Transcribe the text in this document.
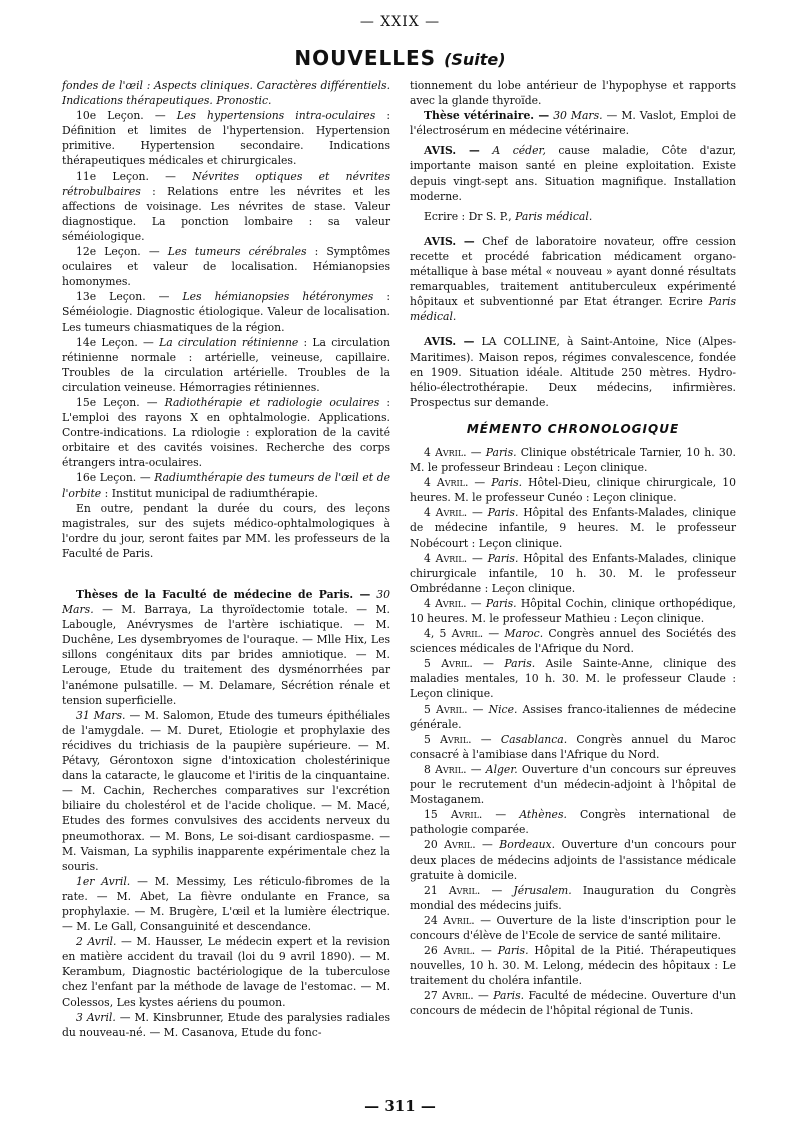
— XXIX —
NOUVELLES (Suite)

fondes de l'œil : Aspects cliniques. Caractères différentiels. Indications thérapeutiques. Pronostic.

10e Leçon. — Les hypertensions intra-oculaires : Définition et limites de l'hypertension. Hypertension primitive. Hypertension secondaire. Indications thérapeutiques médicales et chirurgicales.

11e Leçon. — Névrites optiques et névrites rétrobulbaires : Relations entre les névrites et les affections de voisinage. Les névrites de stase. Valeur diagnostique. La ponction lombaire : sa valeur séméiologique.

12e Leçon. — Les tumeurs cérébrales : Symptômes oculaires et valeur de localisation. Hémianopsies homonymes.

13e Leçon. — Les hémianopsies hétéronymes : Séméiologie. Diagnostic étiologique. Valeur de localisation. Les tumeurs chiasmatiques de la région.

14e Leçon. — La circulation rétinienne : La circulation rétinienne normale : artérielle, veineuse, capillaire. Troubles de la circulation artérielle. Troubles de la circulation veineuse. Hémorragies rétiniennes.

15e Leçon. — Radiothérapie et radiologie oculaires : L'emploi des rayons X en ophtalmologie. Applications. Contre-indications. La rdiologie : exploration de la cavité orbitaire et des cavités voisines. Recherche des corps étrangers intra-oculaires.

16e Leçon. — Radiumthérapie des tumeurs de l'œil et de l'orbite : Institut municipal de radiumthérapie.

En outre, pendant la durée du cours, des leçons magistrales, sur des sujets médico-ophtalmologiques à l'ordre du jour, seront faites par MM. les professeurs de la Faculté de Paris.

Thèses de la Faculté de médecine de Paris. — 30 Mars. — M. Barraya, La thyroïdectomie totale. — M. Labougle, Anévrysmes de l'artère ischiatique. — M. Duchêne, Les dysembryomes de l'ouraque. — Mlle Hix, Les sillons congénitaux dits par brides amniotique. — M. Lerouge, Etude du traitement des dysménorrhées par l'anémone pulsatille. — M. Delamare, Sécrétion rénale et tension superficielle.

31 Mars. — M. Salomon, Etude des tumeurs épithéliales de l'amygdale. — M. Duret, Etiologie et prophylaxie des récidives du trichiasis de la paupière supérieure. — M. Pétavy, Gérontoxon signe d'intoxication cholestérinique dans la cataracte, le glaucome et l'iritis de la cinquantaine. — M. Cachin, Recherches comparatives sur l'excrétion biliaire du cholestérol et de l'acide cholique. — M. Macé, Etudes des formes convulsives des accidents nerveux du pneumothorax. — M. Bons, Le soi-disant cardiospasme. — M. Vaisman, La syphilis inapparente expérimentale chez la souris.

1er Avril. — M. Messimy, Les réticulo-fibromes de la rate. — M. Abet, La fièvre ondulante en France, sa prophylaxie. — M. Brugère, L'œil et la lumière électrique. — M. Le Gall, Consanguinité et descendance.

2 Avril. — M. Hausser, Le médecin expert et la revision en matière accident du travail (loi du 9 avril 1890). — M. Kerambum, Diagnostic bactériologique de la tuberculose chez l'enfant par la méthode de lavage de l'estomac. — M. Colessos, Les kystes aériens du poumon.

3 Avril. — M. Kinsbrunner, Etude des paralysies radiales du nouveau-né. — M. Casanova, Etude du fonc-

tionnement du lobe antérieur de l'hypophyse et rapports avec la glande thyroïde.

Thèse vétérinaire. — 30 Mars. — M. Vaslot, Emploi de l'électrosérum en médecine vétérinaire.

AVIS. — A céder, cause maladie, Côte d'azur, importante maison santé en pleine exploitation. Existe depuis vingt-sept ans. Situation magnifique. Installation moderne.

Ecrire : Dr S. P., Paris médical.

AVIS. — Chef de laboratoire novateur, offre cession recette et procédé fabrication médicament organo-métallique à base métal « nouveau » ayant donné résultats remarquables, traitement antituberculeux expérimenté hôpitaux et subventionné par Etat étranger. Ecrire Paris médical.

AVIS. — LA COLLINE, à Saint-Antoine, Nice (Alpes-Maritimes). Maison repos, régimes convalescence, fondée en 1909. Situation idéale. Altitude 250 mètres. Hydro-hélio-électrothérapie. Deux médecins, infirmières. Prospectus sur demande.

MÉMENTO CHRONOLOGIQUE

4 Avril. — Paris. Clinique obstétricale Tarnier, 10 h. 30. M. le professeur Brindeau : Leçon clinique.

4 Avril. — Paris. Hôtel-Dieu, clinique chirurgicale, 10 heures. M. le professeur Cunéo : Leçon clinique.

4 Avril. — Paris. Hôpital des Enfants-Malades, clinique de médecine infantile, 9 heures. M. le professeur Nobécourt : Leçon clinique.

4 Avril. — Paris. Hôpital des Enfants-Malades, clinique chirurgicale infantile, 10 h. 30. M. le professeur Ombrédanne : Leçon clinique.

4 Avril. — Paris. Hôpital Cochin, clinique orthopédique, 10 heures. M. le professeur Mathieu : Leçon clinique.

4, 5 Avril. — Maroc. Congrès annuel des Sociétés des sciences médicales de l'Afrique du Nord.

5 Avril. — Paris. Asile Sainte-Anne, clinique des maladies mentales, 10 h. 30. M. le professeur Claude : Leçon clinique.

5 Avril. — Nice. Assises franco-italiennes de médecine générale.

5 Avril. — Casablanca. Congrès annuel du Maroc consacré à l'amibiase dans l'Afrique du Nord.

8 Avril. — Alger. Ouverture d'un concours sur épreuves pour le recrutement d'un médecin-adjoint à l'hôpital de Mostaganem.

15 Avril. — Athènes. Congrès international de pathologie comparée.

20 Avril. — Bordeaux. Ouverture d'un concours pour deux places de médecins adjoints de l'assistance médicale gratuite à domicile.

21 Avril. — Jérusalem. Inauguration du Congrès mondial des médecins juifs.

24 Avril. — Ouverture de la liste d'inscription pour le concours d'élève de l'Ecole de service de santé militaire.

26 Avril. — Paris. Hôpital de la Pitié. Thérapeutiques nouvelles, 10 h. 30. M. Lelong, médecin des hôpitaux : Le traitement du choléra infantile.

27 Avril. — Paris. Faculté de médecine. Ouverture d'un concours de médecin de l'hôpital régional de Tunis.

— 311 —
